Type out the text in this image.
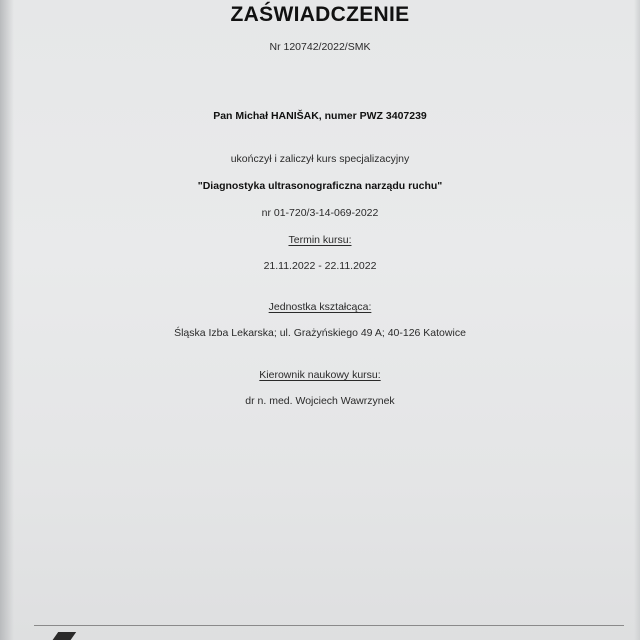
ZAŚWIADCZENIE
Nr 120742/2022/SMK
Pan Michał HANIŠAK, numer PWZ 3407239
ukończył i zaliczył kurs specjalizacyjny
"Diagnostyka ultrasonograficzna narządu ruchu"
nr 01-720/3-14-069-2022
Termin kursu:
21.11.2022 - 22.11.2022
Jednostka kształcąca:
Śląska Izba Lekarska; ul. Grażyńskiego 49 A; 40-126 Katowice
Kierownik naukowy kursu:
dr n. med. Wojciech Wawrzynek
